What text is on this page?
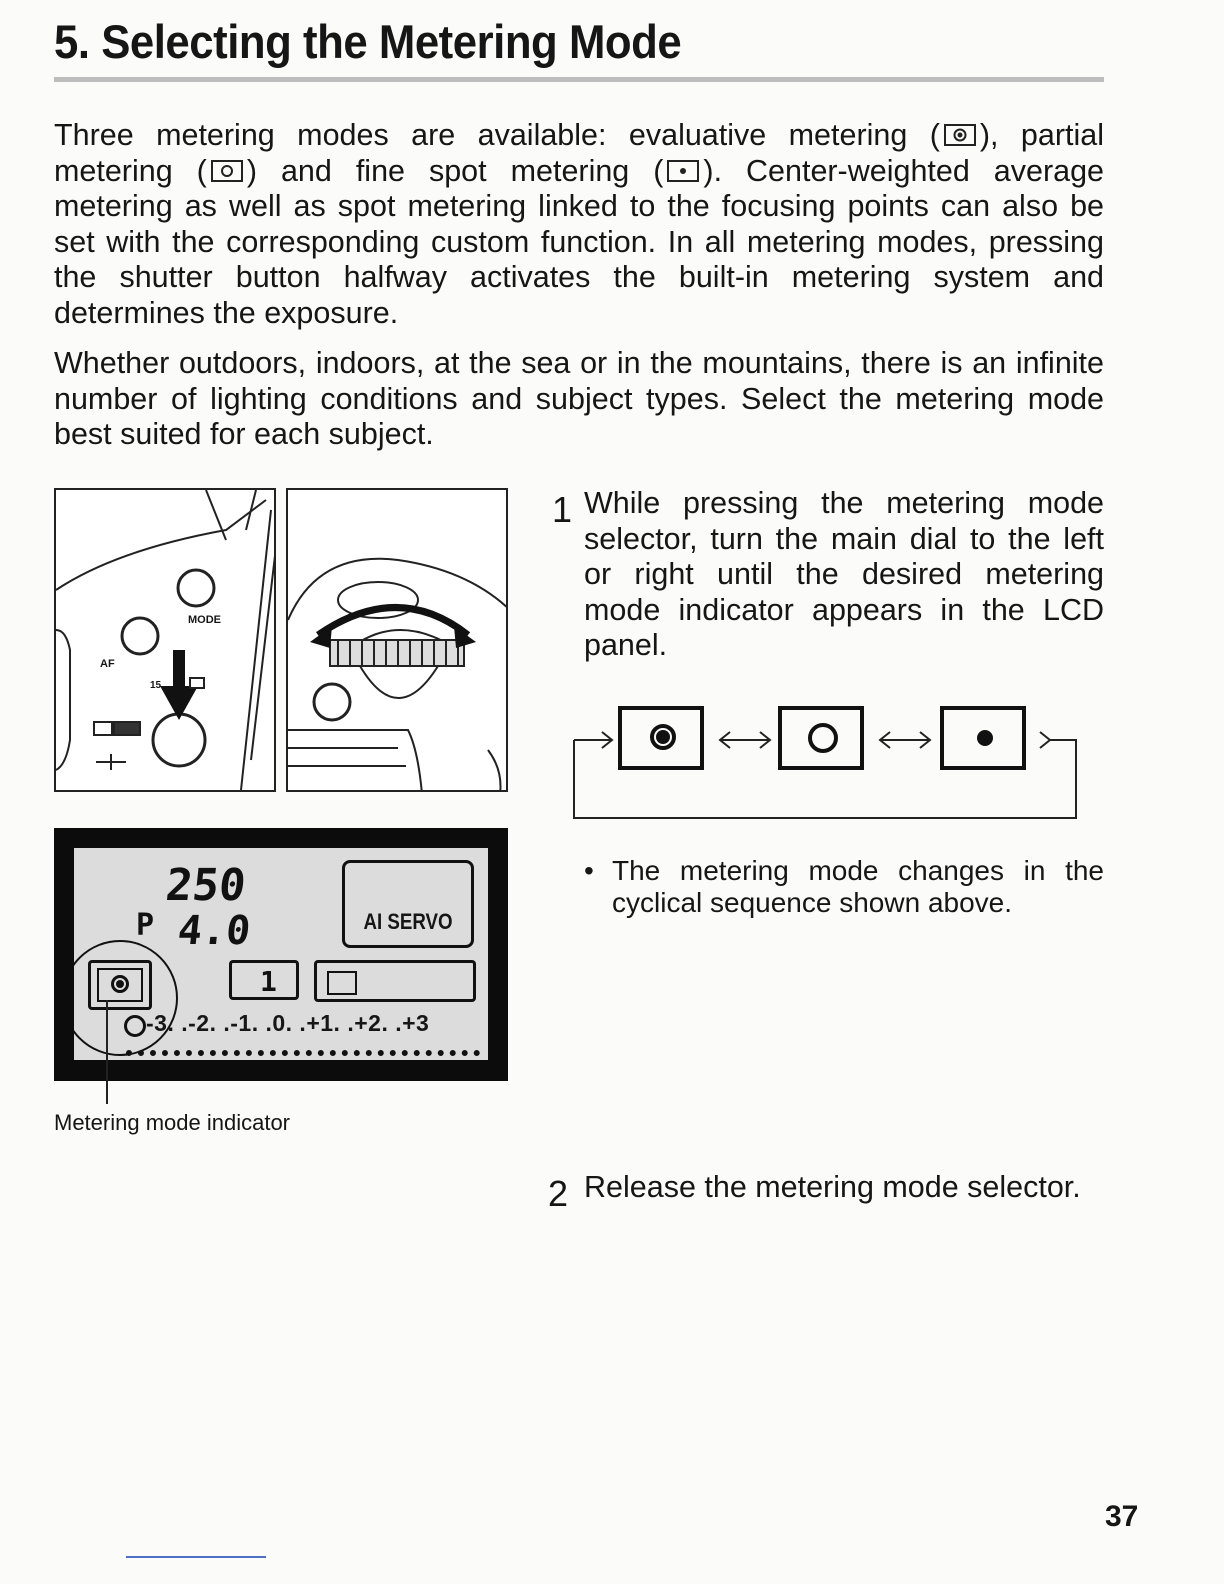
5. Selecting the Metering Mode

Three metering modes are available: evaluative metering ( ), partial metering ( ) and fine spot metering ( ). Center-weighted average metering as well as spot metering linked to the focusing points can also be set with the corresponding custom function. In all metering modes, pressing the shutter button halfway activates the built-in metering system and determines the exposure.

Whether outdoors, indoors, at the sea or in the mountains, there is an infinite number of lighting conditions and subject types. Select the metering mode best suited for each subject.

MODE
AF
15
P
250
4.0	AI SERVO
1
-3. .-2. .-1. .0. .+1. .+2. .+3
Metering mode indicator
1 While pressing the metering mode selector, turn the main dial to the left or right until the desired metering mode indicator appears in the LCD panel.

• The metering mode changes in the cyclical sequence shown above.
2 Release the metering mode selector.

37
